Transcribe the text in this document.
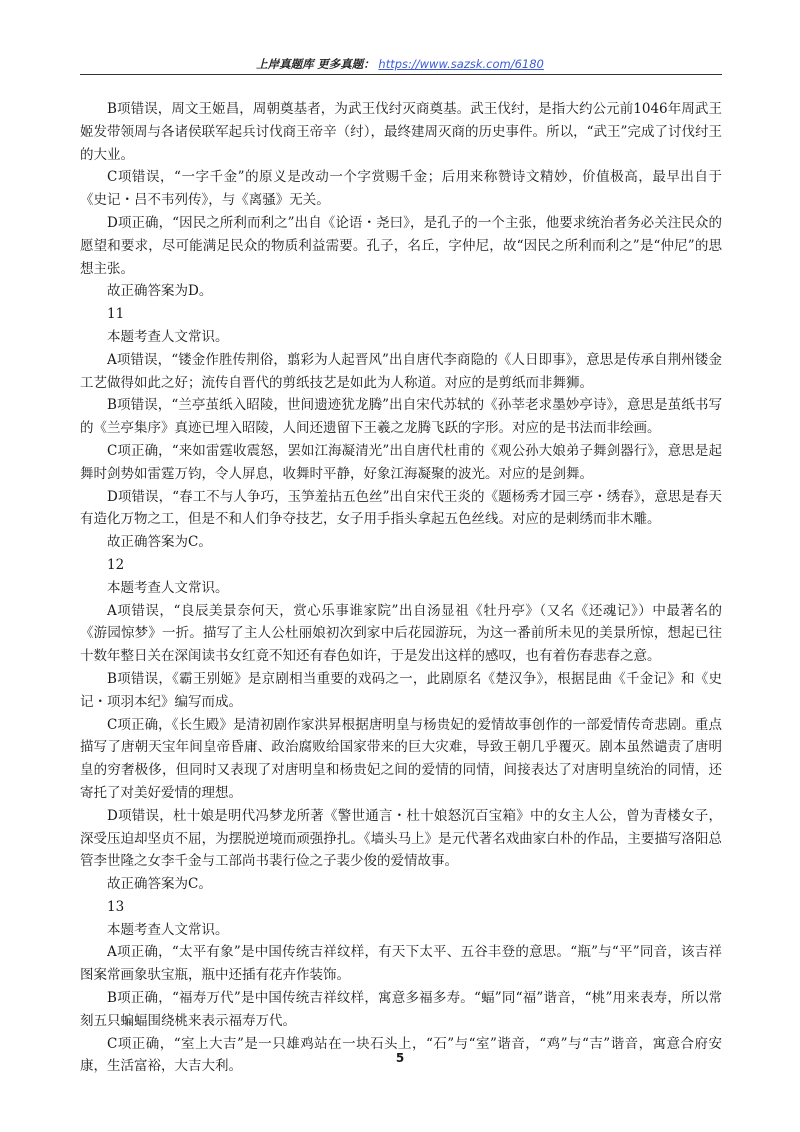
上岸真题库 更多真题： https://www.sazsk.com/6180

B项错误，周文王姬昌，周朝奠基者，为武王伐纣灭商奠基。武王伐纣，是指大约公元前1046年周武王姬发带领周与各诸侯联军起兵讨伐商王帝辛（纣），最终建周灭商的历史事件。所以，“武王”完成了讨伐纣王的大业。

C项错误，“一字千金”的原义是改动一个字赏赐千金；后用来称赞诗文精妙，价值极高，最早出自于《史记・吕不韦列传》，与《离骚》无关。

D项正确，“因民之所利而利之”出自《论语・尧曰》，是孔子的一个主张，他要求统治者务必关注民众的愿望和要求，尽可能满足民众的物质利益需要。孔子，名丘，字仲尼，故“因民之所利而利之”是“仲尼”的思想主张。

故正确答案为D。

11

本题考查人文常识。

A项错误，“镂金作胜传荆俗，翦彩为人起晋风”出自唐代李商隐的《人日即事》，意思是传承自荆州镂金工艺做得如此之好；流传自晋代的剪纸技艺是如此为人称道。对应的是剪纸而非舞狮。

B项错误，“兰亭茧纸入昭陵，世间遗迹犹龙腾”出自宋代苏轼的《孙莘老求墨妙亭诗》，意思是茧纸书写的《兰亭集序》真迹已埋入昭陵，人间还遗留下王羲之龙腾飞跃的字形。对应的是书法而非绘画。

C项正确，“来如雷霆收震怒，罢如江海凝清光”出自唐代杜甫的《观公孙大娘弟子舞剑器行》，意思是起舞时剑势如雷霆万钧，令人屏息，收舞时平静，好象江海凝聚的波光。对应的是剑舞。

D项错误，“春工不与人争巧，玉笋羞拈五色丝”出自宋代王炎的《题杨秀才园三亭・绣春》，意思是春天有造化万物之工，但是不和人们争夺技艺，女子用手指头拿起五色丝线。对应的是刺绣而非木雕。

故正确答案为C。

12

本题考查人文常识。

A项错误，“良辰美景奈何天，赏心乐事谁家院”出自汤显祖《牡丹亭》（又名《还魂记》）中最著名的《游园惊梦》一折。描写了主人公杜丽娘初次到家中后花园游玩，为这一番前所未见的美景所惊，想起已往十数年整日关在深闺读书女红竟不知还有春色如许，于是发出这样的感叹，也有着伤春悲春之意。

B项错误，《霸王别姬》是京剧相当重要的戏码之一，此剧原名《楚汉争》，根据昆曲《千金记》和《史记・项羽本纪》编写而成。

C项正确，《长生殿》是清初剧作家洪昇根据唐明皇与杨贵妃的爱情故事创作的一部爱情传奇悲剧。重点描写了唐朝天宝年间皇帝昏庸、政治腐败给国家带来的巨大灾难，导致王朝几乎覆灭。剧本虽然谴责了唐明皇的穷奢极侈，但同时又表现了对唐明皇和杨贵妃之间的爱情的同情，间接表达了对唐明皇统治的同情，还寄托了对美好爱情的理想。

D项错误，杜十娘是明代冯梦龙所著《警世通言・杜十娘怒沉百宝箱》中的女主人公，曾为青楼女子，深受压迫却坚贞不屈，为摆脱逆境而顽强挣扎。《墙头马上》是元代著名戏曲家白朴的作品，主要描写洛阳总管李世隆之女李千金与工部尚书裴行俭之子裴少俊的爱情故事。

故正确答案为C。

13

本题考查人文常识。

A项正确，“太平有象”是中国传统吉祥纹样，有天下太平、五谷丰登的意思。“瓶”与“平”同音，该吉祥图案常画象驮宝瓶，瓶中还插有花卉作装饰。

B项正确，“福寿万代”是中国传统吉祥纹样，寓意多福多寿。“蝠”同“福”谐音，“桃”用来表寿，所以常刻五只蝙蝠围绕桃来表示福寿万代。

C项正确，“室上大吉”是一只雄鸡站在一块石头上，“石”与“室”谐音，“鸡”与“吉”谐音，寓意合府安康，生活富裕，大吉大利。

5
